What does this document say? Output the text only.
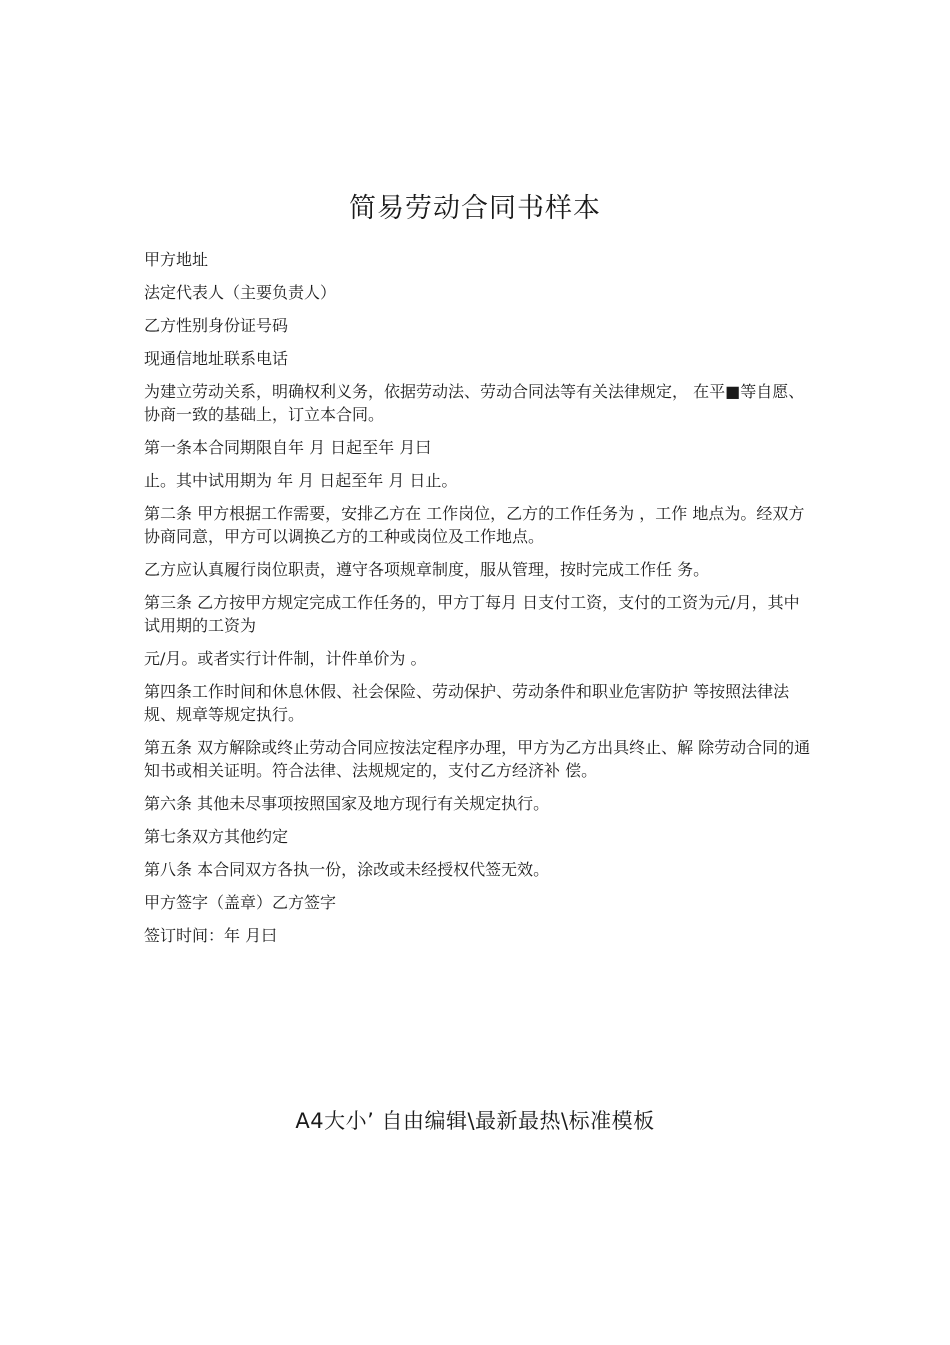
简易劳动合同书样本

甲方地址

法定代表人（主要负责人）

乙方性别身份证号码

现通信地址联系电话

为建立劳动关系，明确权利义务，依据劳动法、劳动合同法等有关法律规定， 在平■等自愿、协商一致的基础上，订立本合同。

第一条本合同期限自年 月 日起至年 月曰

止。其中试用期为 年 月 日起至年 月 日止。

第二条 甲方根据工作需要，安排乙方在 工作岗位，乙方的工作任务为 ，工作 地点为。经双方协商同意，甲方可以调换乙方的工种或岗位及工作地点。

乙方应认真履行岗位职责，遵守各项规章制度，服从管理，按时完成工作任 务。

第三条 乙方按甲方规定完成工作任务的，甲方丁每月 日支付工资，支付的工资为元/月，其中试用期的工资为

元/月。或者实行计件制，计件单价为 。

第四条工作时间和休息休假、社会保险、劳动保护、劳动条件和职业危害防护 等按照法律法规、规章等规定执行。

第五条 双方解除或终止劳动合同应按法定程序办理，甲方为乙方出具终止、解 除劳动合同的通知书或相关证明。符合法律、法规规定的，支付乙方经济补 偿。

第六条 其他未尽事项按照国家及地方现行有关规定执行。

第七条双方其他约定

第八条 本合同双方各执一份，涂改或未经授权代签无效。

甲方签字（盖章）乙方签字

签订时间：年 月曰

A4大小’ 自由编辑\最新最热\标准模板
